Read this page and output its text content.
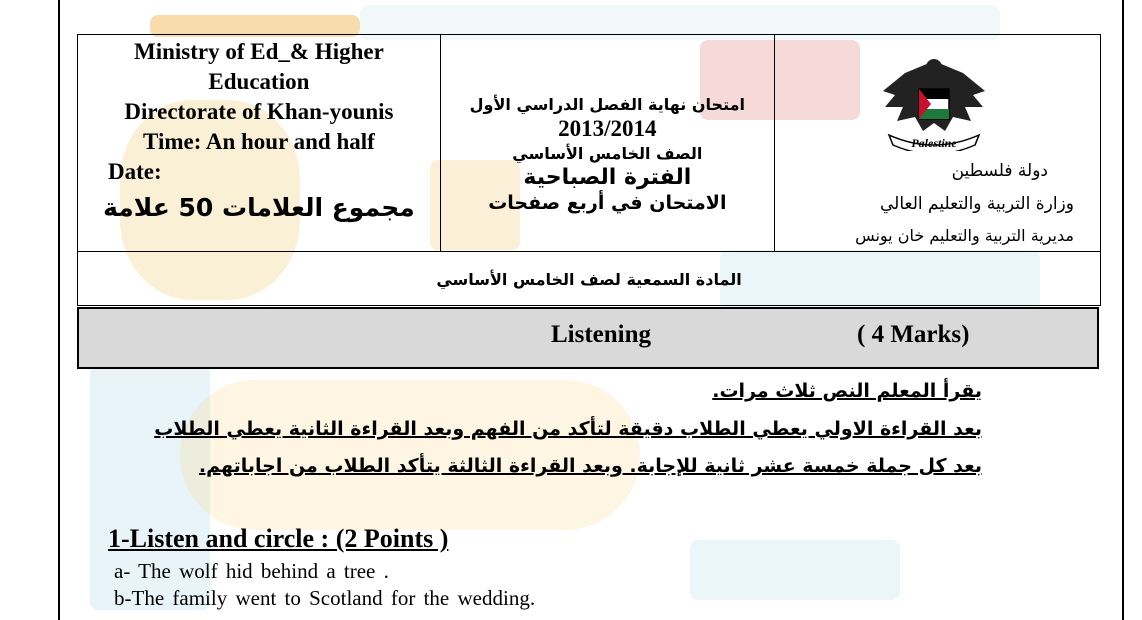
Ministry of Ed_& Higher
Education
Directorate of Khan-younis
Time: An hour and half
Date:
مجموع العلامات 50 علامة
امتحان نهاية الفصل الدراسي الأول
2013/2014
الصف الخامس الأساسي
الفترة الصباحية
الامتحان في أربع صفحات
Palestine
دولة فلسطين
وزارة التربية والتعليم العالي
مديرية التربية والتعليم خان يونس
المادة السمعية لصف الخامس الأساسي
Listening	( 4 Marks)
يقرأ المعلم النص ثلاث مرات.
بعد القراءة الاولي يعطي الطلاب دقيقة لتأكد من الفهم وبعد القراءة الثانية يعطي الطلاب
بعد كل جملة خمسة عشر ثانية للإجابة. وبعد القراءة الثالثة يتأكد الطلاب من اجاباتهم.
1-Listen and circle : (2 Points )
a- The wolf hid behind a tree .
b-The family went to Scotland for the wedding.
